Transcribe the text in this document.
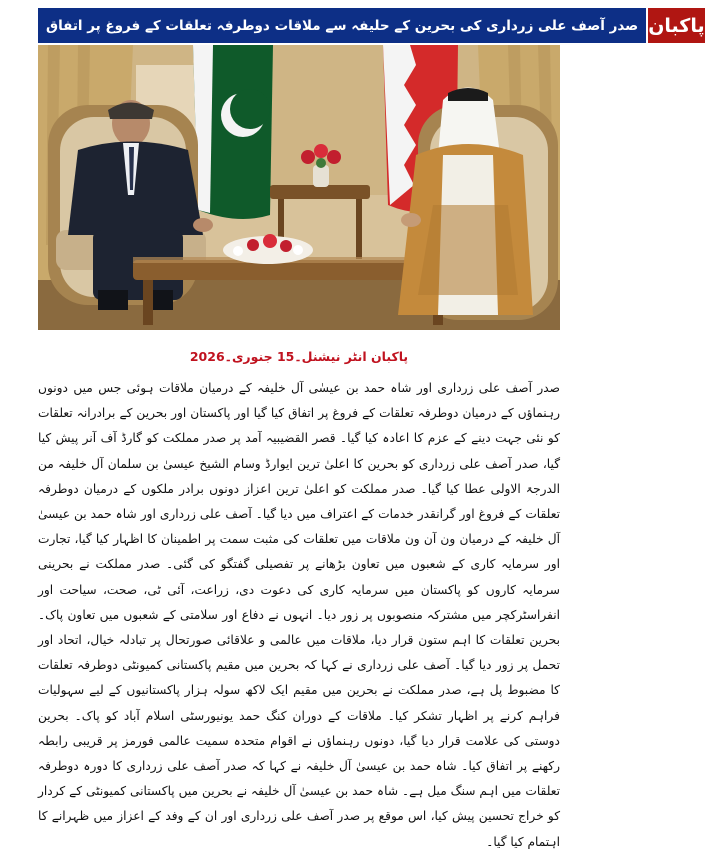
صدر آصف علی زرداری کی بحرین کے حلیفہ سے ملاقات دوطرفہ تعلقات کے فروغ پر اتفاق پاکبان
پاکبان انٹر نیشنل۔15 جنوری۔2026

صدر آصف علی زرداری اور شاہ حمد بن عیسٰی آل خلیفہ کے درمیان ملاقات ہوئی جس میں دونوں رہنماؤں کے درمیان دوطرفہ تعلقات کے فروغ پر اتفاق کیا گیا اور پاکستان اور بحرین کے برادرانہ تعلقات کو نئی جہت دینے کے عزم کا اعادہ کیا گیا۔ قصر القضیبیہ آمد پر صدر مملکت کو گارڈ آف آنر پیش کیا گیا، صدر آصف علی زرداری کو بحرین کا اعلیٰ ترین ایوارڈ وسام الشیخ عیسیٰ بن سلمان آل خلیفہ من الدرجۃ الاولی عطا کیا گیا۔ صدر مملکت کو اعلیٰ ترین اعزاز دونوں برادر ملکوں کے درمیان دوطرفہ تعلقات کے فروغ اور گرانقدر خدمات کے اعتراف میں دیا گیا۔ آصف علی زرداری اور شاہ حمد بن عیسیٰ آل خلیفہ کے درمیان ون آن ون ملاقات میں تعلقات کی مثبت سمت پر اطمینان کا اظہار کیا گیا، تجارت اور سرمایہ کاری کے شعبوں میں تعاون بڑھانے پر تفصیلی گفتگو کی گئی۔ صدر مملکت نے بحرینی سرمایہ کاروں کو پاکستان میں سرمایہ کاری کی دعوت دی، زراعت، آئی ٹی، صحت، سیاحت اور انفراسٹرکچر میں مشترکہ منصوبوں پر زور دیا۔ انہوں نے دفاع اور سلامتی کے شعبوں میں تعاون پاک۔ بحرین تعلقات کا اہم ستون قرار دیا، ملاقات میں عالمی و علاقائی صورتحال پر تبادلہ خیال، اتحاد اور تحمل پر زور دیا گیا۔ آصف علی زرداری نے کہا کہ بحرین میں مقیم پاکستانی کمیونٹی دوطرفہ تعلقات کا مضبوط پل ہے، صدر مملکت نے بحرین میں مقیم ایک لاکھ سولہ ہزار پاکستانیوں کے لیے سہولیات فراہم کرنے پر اظہار تشکر کیا۔ ملاقات کے دوران کنگ حمد یونیورسٹی اسلام آباد کو پاک۔ بحرین دوستی کی علامت قرار دیا گیا، دونوں رہنماؤں نے اقوام متحدہ سمیت عالمی فورمز پر قریبی رابطہ رکھنے پر اتفاق کیا۔ شاہ حمد بن عیسیٰ آل خلیفہ نے کہا کہ صدر آصف علی زرداری کا دورہ دوطرفہ تعلقات میں اہم سنگ میل ہے۔ شاہ حمد بن عیسیٰ آل خلیفہ نے بحرین میں پاکستانی کمیونٹی کے کردار کو خراج تحسین پیش کیا، اس موقع پر صدر آصف علی زرداری اور ان کے وفد کے اعزاز میں ظہرانے کا اہتمام کیا گیا۔
